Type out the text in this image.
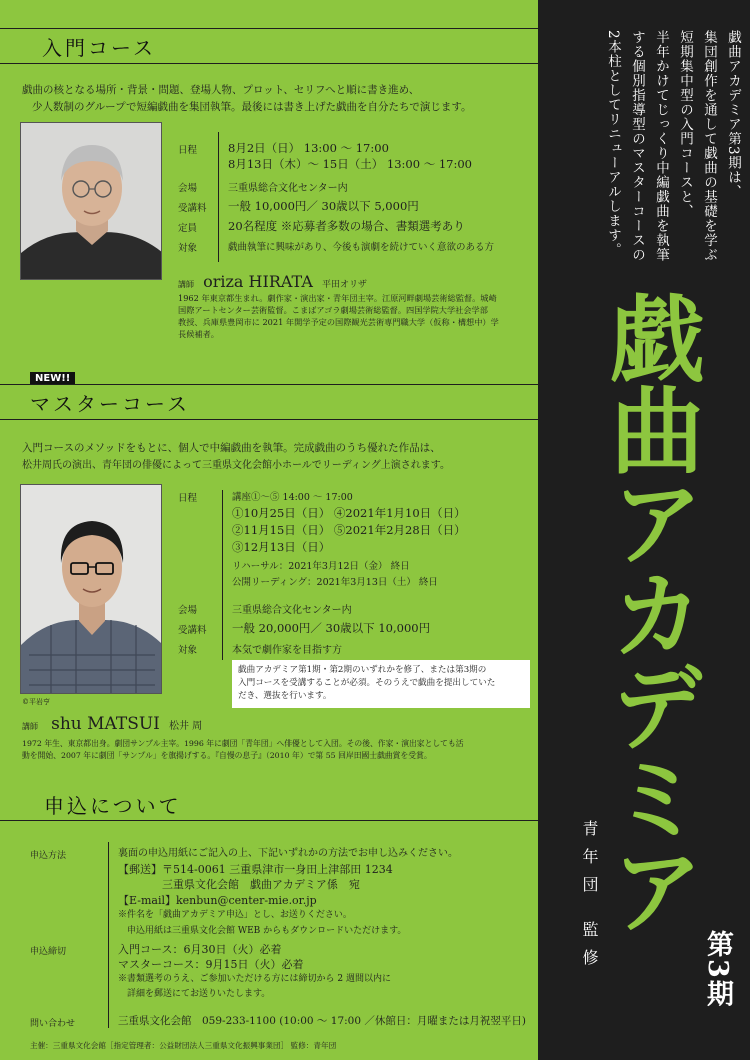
入門コース
戯曲の核となる場所・背景・問題、登場人物、プロット、セリフへと順に書き進め、
少人数制のグループで短編戯曲を集団執筆。最後には書き上げた戯曲を自分たちで演じます。
日程	8月2日（日） 13:00 ～ 17:00
8月13日（木）～ 15日（土） 13:00 ～ 17:00
会場	三重県総合文化センター内
受講料 一般 10,000円／ 30歳以下 5,000円
定員	20名程度 ※応募者多数の場合、書類選考あり
対象	戯曲執筆に興味があり、今後も演劇を続けていく意欲のある方
講師 oriza HIRATA 平田オリザ
1962 年東京都生まれ。劇作家・演出家・青年団主宰。江原河畔劇場芸術総監督。城崎
国際アートセンター芸術監督。こまばアゴラ劇場芸術総監督。四国学院大学社会学部
教授、兵庫県豊岡市に 2021 年開学予定の国際観光芸術専門職大学（仮称・構想中）学
長候補者。
NEW!!
マスターコース
入門コースのメソッドをもとに、個人で中編戯曲を執筆。完成戯曲のうち優れた作品は、
松井周氏の演出、青年団の俳優によって三重県文化会館小ホールでリーディング上演されます。
©平岩亨
日程	講座①～⑤ 14:00 ～ 17:00
①10月25日（日） ④2021年1月10日（日）
②11月15日（日） ⑤2021年2月28日（日）
③12月13日（日）
リハーサル：2021年3月12日（金） 終日
公開リーディング：2021年3月13日（土） 終日
会場	三重県総合文化センター内
受講料 一般 20,000円／ 30歳以下 10,000円
対象	本気で劇作家を目指す方
戯曲アカデミア第1期・第2期のいずれかを修了、または第3期の
入門コースを受講することが必須。そのうえで戯曲を提出していた
だき、選抜を行います。
講師 shu MATSUI 松井 周
1972 年生、東京都出身。劇団サンプル主宰。1996 年に劇団「青年団」へ俳優として入団。その後、作家・演出家としても活
動を開始、2007 年に劇団「サンプル」を旗揚げする。『自慢の息子』（2010 年）で第 55 回岸田國士戯曲賞を受賞。
申込について
申込方法	裏面の申込用紙にご記入の上、下記いずれかの方法でお申し込みください。
【郵送】〒514-0061 三重県津市一身田上津部田 1234
　　　　三重県文化会館　戯曲アカデミア係　宛
【E-mail】kenbun@center-mie.or.jp
※件名を「戯曲アカデミア申込」とし、お送りください。
　申込用紙は三重県文化会館 WEB からもダウンロードいただけます。
申込締切	入門コース：6月30日（火）必着
マスターコース：9月15日（火）必着
※書類選考のうえ、ご参加いただける方には締切から 2 週間以内に
　詳細を郵送にてお送りいたします。
問い合わせ	三重県文化会館　059-233-1100 (10:00 ～ 17:00 ／休館日：月曜または月祝翌平日)
主催：三重県文化会館［指定管理者：公益財団法人三重県文化振興事業団］ 監修：青年団
戯曲アカデミア第3期は、
集団創作を通して戯曲の基礎を学ぶ
短期集中型の入門コースと、
半年かけてじっくり中編戯曲を執筆
する個別指導型のマスターコースの
2本柱としてリニューアルします。
戯曲アカデミア
青年団 監修	第3期
